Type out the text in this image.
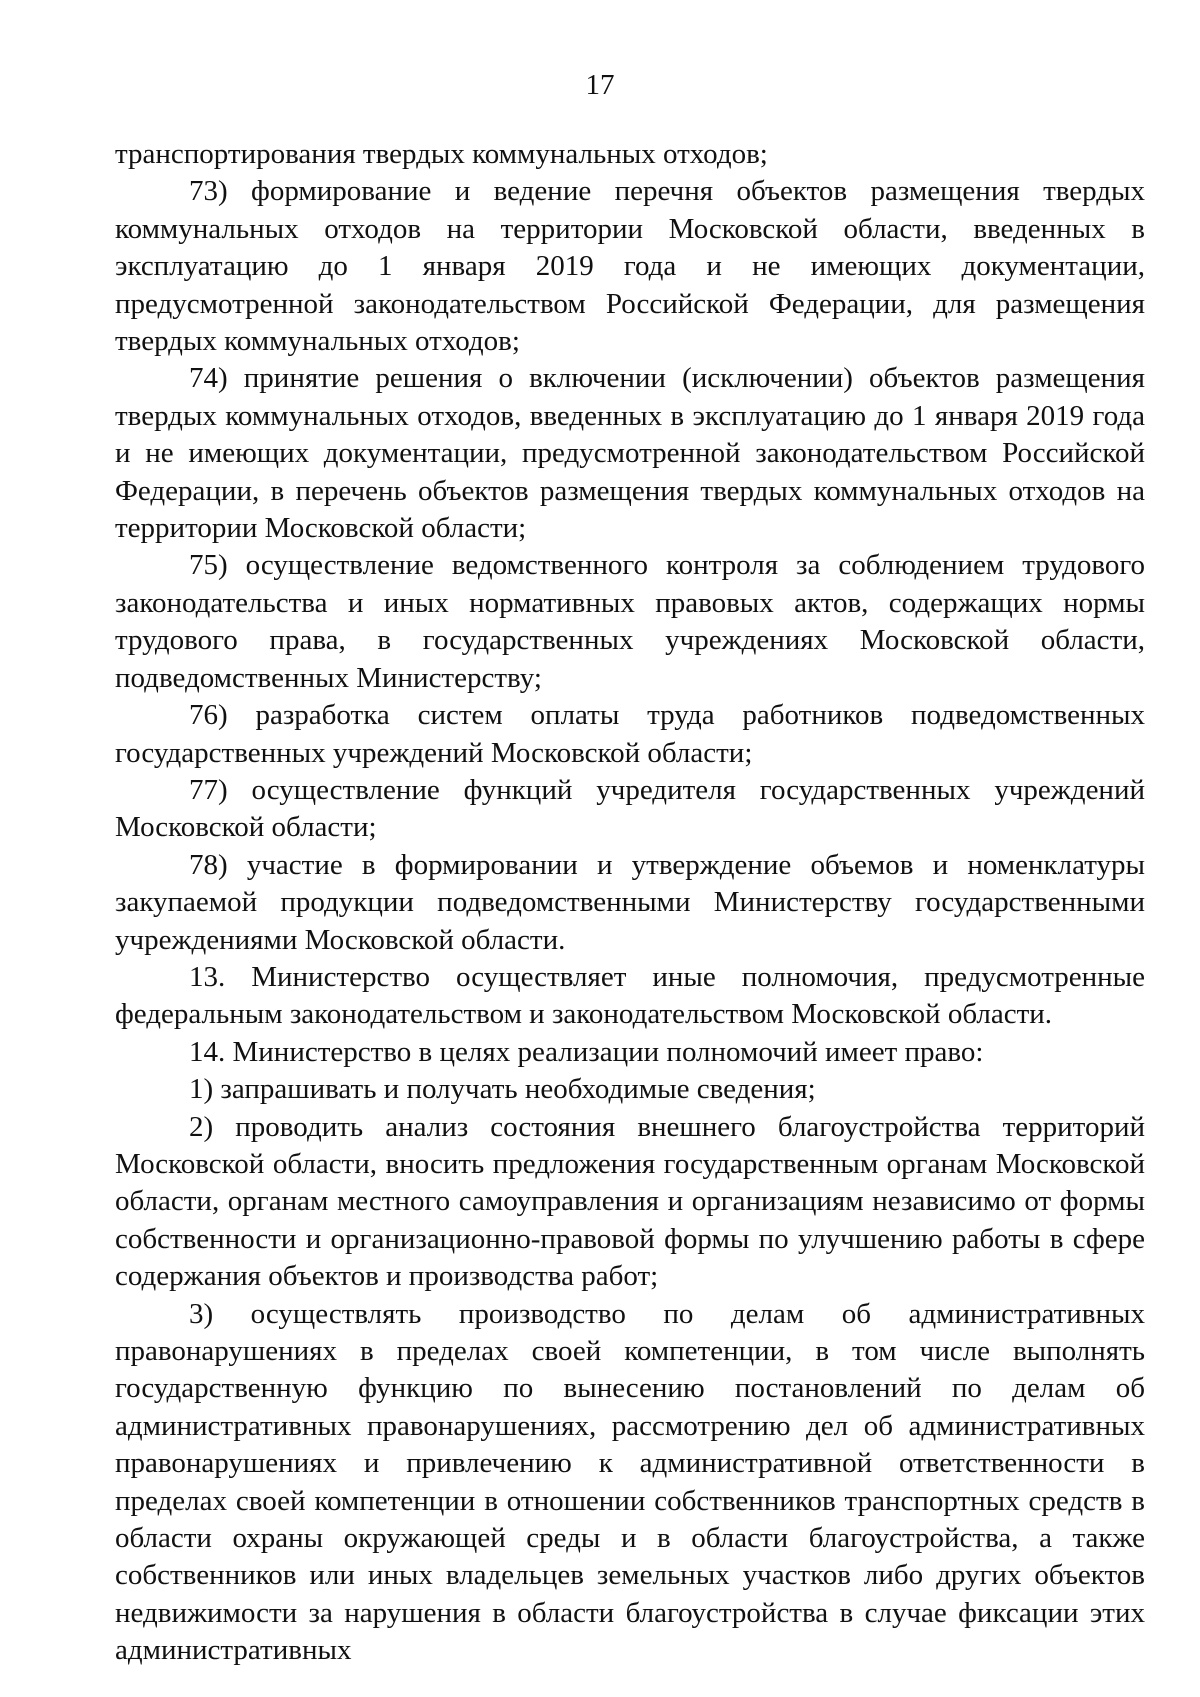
17

транспортирования твердых коммунальных отходов;

73) формирование и ведение перечня объектов размещения твердых коммунальных отходов на территории Московской области, введенных в эксплуатацию до 1 января 2019 года и не имеющих документации, предусмотренной законодательством Российской Федерации, для размещения твердых коммунальных отходов;

74) принятие решения о включении (исключении) объектов размещения твердых коммунальных отходов, введенных в эксплуатацию до 1 января 2019 года и не имеющих документации, предусмотренной законодательством Российской Федерации, в перечень объектов размещения твердых коммунальных отходов на территории Московской области;

75) осуществление ведомственного контроля за соблюдением трудового законодательства и иных нормативных правовых актов, содержащих нормы трудового права, в государственных учреждениях Московской области, подведомственных Министерству;

76) разработка систем оплаты труда работников подведомственных государственных учреждений Московской области;

77) осуществление функций учредителя государственных учреждений Московской области;

78) участие в формировании и утверждение объемов и номенклатуры закупаемой продукции подведомственными Министерству государственными учреждениями Московской области.

13. Министерство осуществляет иные полномочия, предусмотренные федеральным законодательством и законодательством Московской области.

14. Министерство в целях реализации полномочий имеет право:

1) запрашивать и получать необходимые сведения;

2) проводить анализ состояния внешнего благоустройства территорий Московской области, вносить предложения государственным органам Московской области, органам местного самоуправления и организациям независимо от формы собственности и организационно-правовой формы по улучшению работы в сфере содержания объектов и производства работ;

3) осуществлять производство по делам об административных правонарушениях в пределах своей компетенции, в том числе выполнять государственную функцию по вынесению постановлений по делам об административных правонарушениях, рассмотрению дел об административных правонарушениях и привлечению к административной ответственности в пределах своей компетенции в отношении собственников транспортных средств в области охраны окружающей среды и в области благоустройства, а также собственников или иных владельцев земельных участков либо других объектов недвижимости за нарушения в области благоустройства в случае фиксации этих административных
